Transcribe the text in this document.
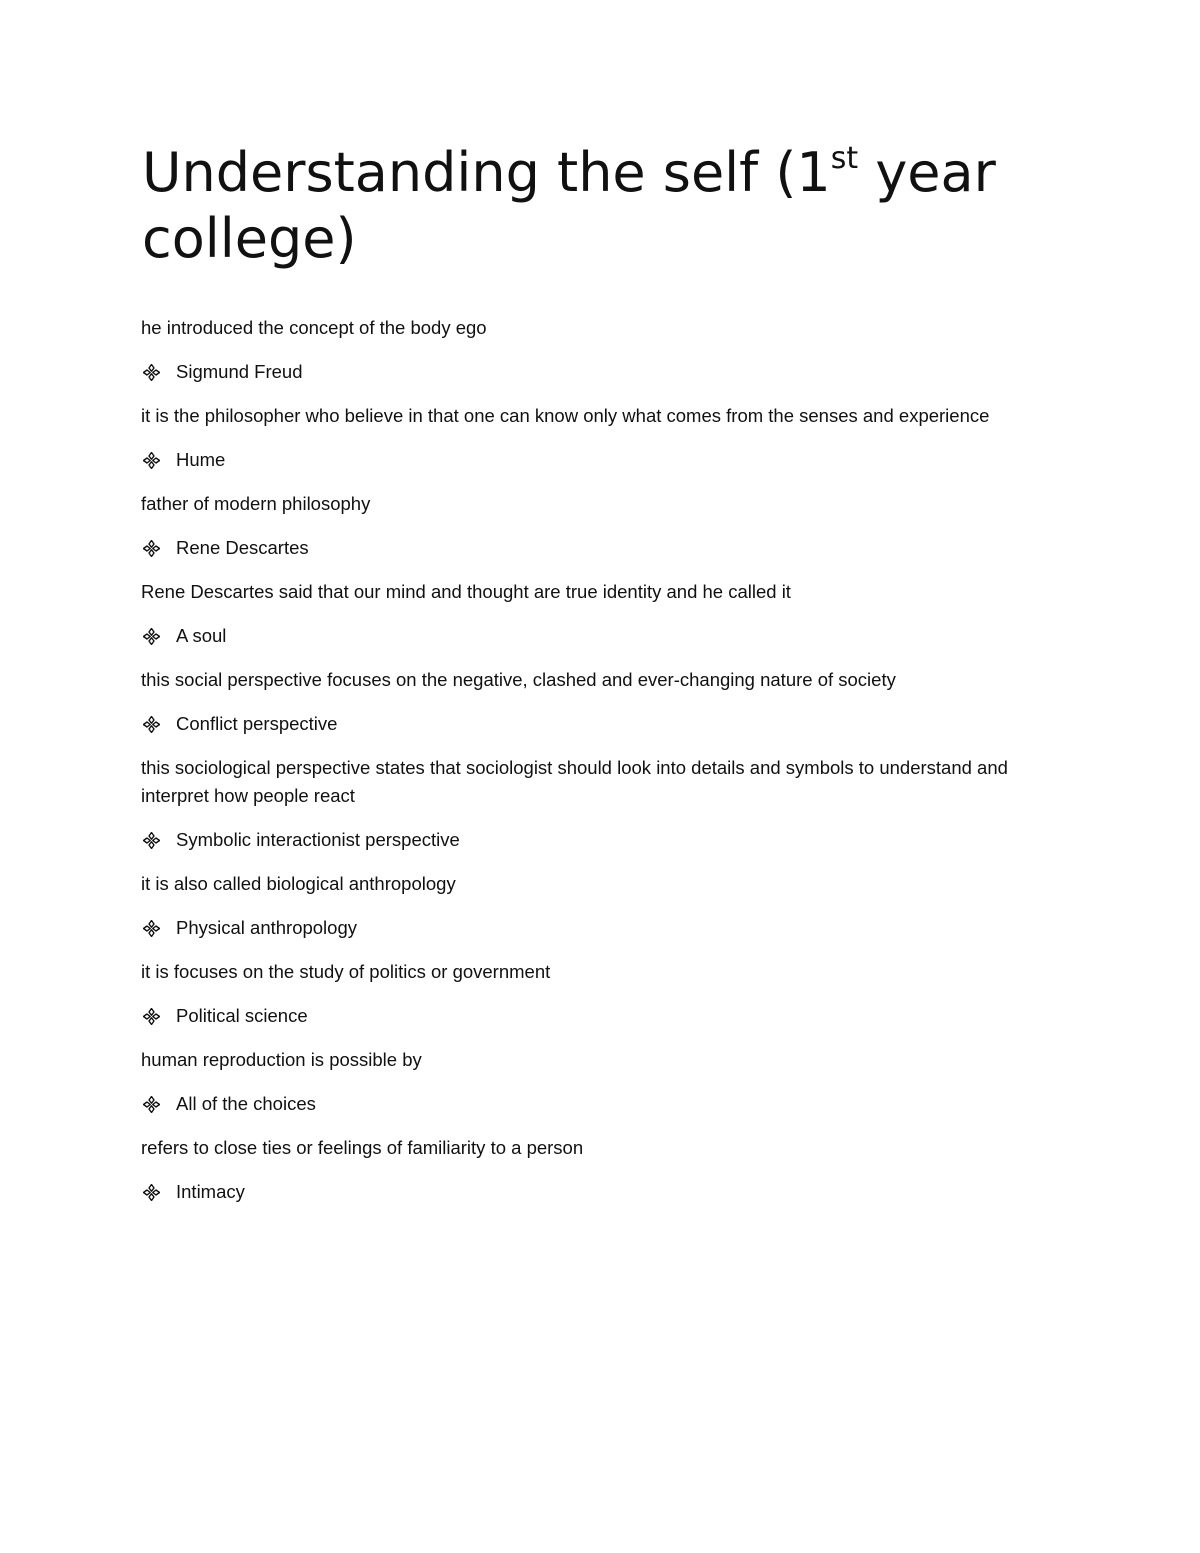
Understanding the self (1st year college)

he introduced the concept of the body ego

Sigmund Freud

it is the philosopher who believe in that one can know only what comes from the senses and experience

Hume

father of modern philosophy

Rene Descartes

Rene Descartes said that our mind and thought are true identity and he called it

A soul

this social perspective focuses on the negative, clashed and ever-changing nature of society

Conflict perspective

this sociological perspective states that sociologist should look into details and symbols to understand and interpret how people react

Symbolic interactionist perspective

it is also called biological anthropology

Physical anthropology

it is focuses on the study of politics or government

Political science

human reproduction is possible by

All of the choices

refers to close ties or feelings of familiarity to a person

Intimacy
